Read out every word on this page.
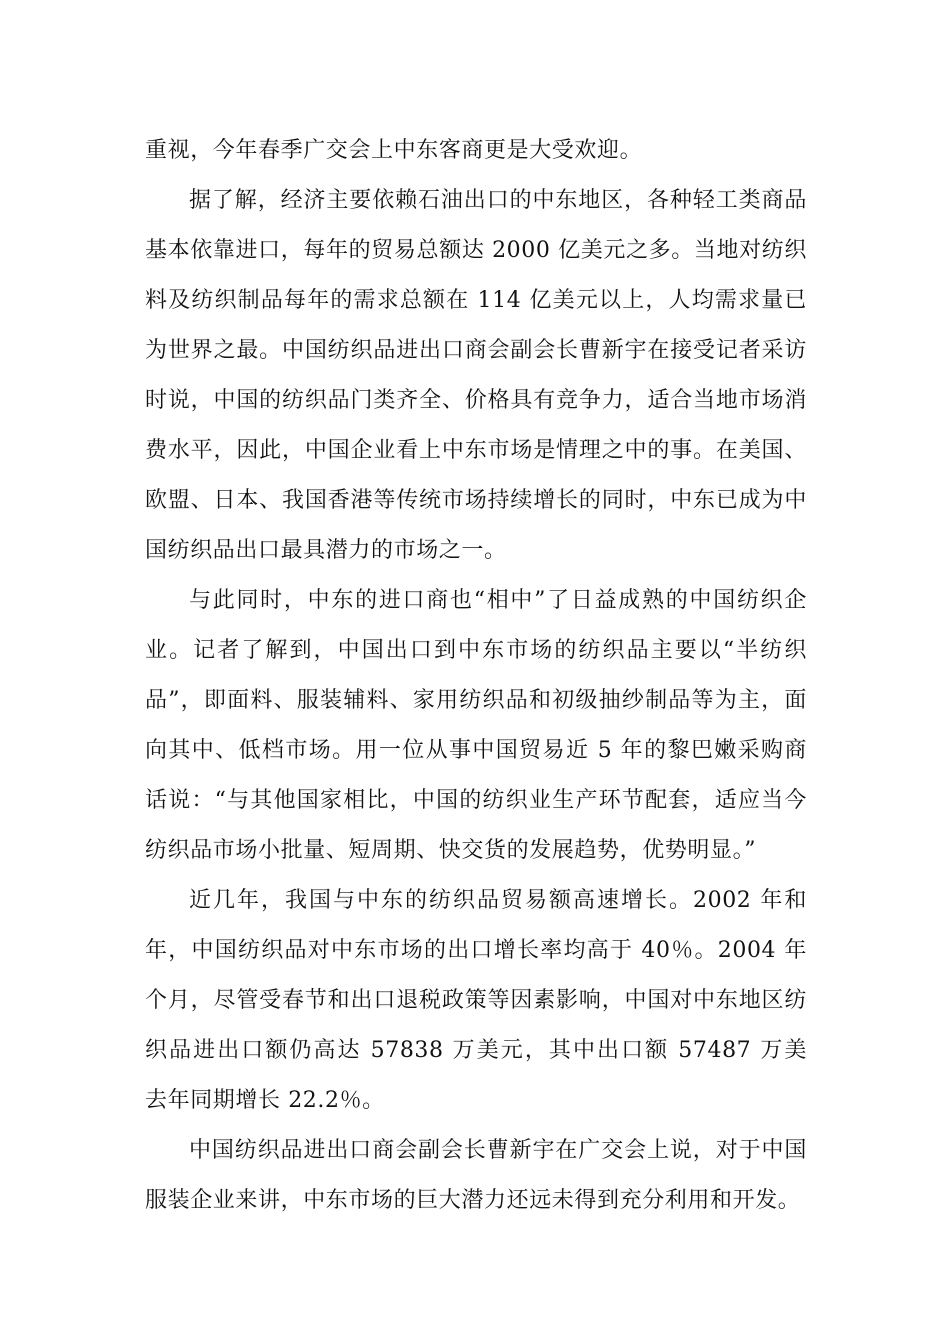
重视，今年春季广交会上中东客商更是大受欢迎。
据了解，经济主要依赖石油出口的中东地区，各种轻工类商品
基本依靠进口，每年的贸易总额达 2000 亿美元之多。当地对纺织
料及纺织制品每年的需求总额在 114 亿美元以上，人均需求量已
为世界之最。中国纺织品进出口商会副会长曹新宇在接受记者采访
时说，中国的纺织品门类齐全、价格具有竞争力，适合当地市场消
费水平，因此，中国企业看上中东市场是情理之中的事。在美国、
欧盟、日本、我国香港等传统市场持续增长的同时，中东已成为中
国纺织品出口最具潜力的市场之一。
与此同时，中东的进口商也“相中”了日益成熟的中国纺织企
业。记者了解到，中国出口到中东市场的纺织品主要以“半纺织
品”，即面料、服装辅料、家用纺织品和初级抽纱制品等为主，面
向其中、低档市场。用一位从事中国贸易近 5 年的黎巴嫩采购商
话说：“与其他国家相比，中国的纺织业生产环节配套，适应当今
纺织品市场小批量、短周期、快交货的发展趋势，优势明显。”
近几年，我国与中东的纺织品贸易额高速增长。2002 年和
年，中国纺织品对中东市场的出口增长率均高于 40％。2004 年
个月，尽管受春节和出口退税政策等因素影响，中国对中东地区纺
织品进出口额仍高达 57838 万美元，其中出口额 57487 万美
去年同期增长 22.2％。
中国纺织品进出口商会副会长曹新宇在广交会上说，对于中国
服装企业来讲，中东市场的巨大潜力还远未得到充分利用和开发。
